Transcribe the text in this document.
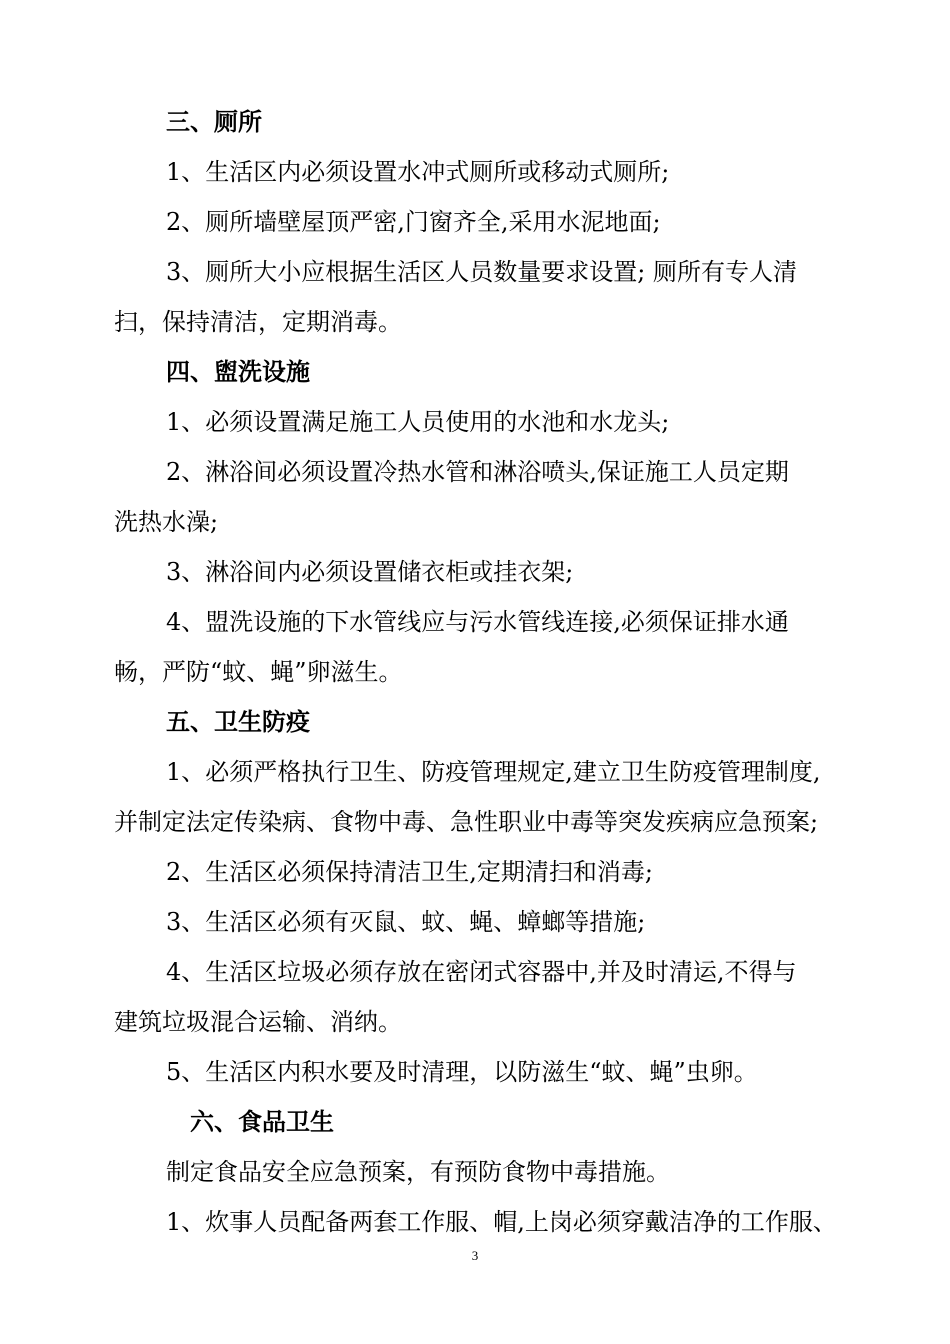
三、厕所

1、生活区内必须设置水冲式厕所或移动式厕所;

2、厕所墙壁屋顶严密,门窗齐全,采用水泥地面;

3、厕所大小应根据生活区人员数量要求设置; 厕所有专人清

扫，保持清洁，定期消毒。

四、盥洗设施

1、必须设置满足施工人员使用的水池和水龙头;

2、淋浴间必须设置冷热水管和淋浴喷头,保证施工人员定期

洗热水澡;

3、淋浴间内必须设置储衣柜或挂衣架;

4、盟洗设施的下水管线应与污水管线连接,必须保证排水通

畅，严防“蚊、蝇”卵滋生。

五、卫生防疫

1、必须严格执行卫生、防疫管理规定,建立卫生防疫管理制度,

并制定法定传染病、食物中毒、急性职业中毒等突发疾病应急预案;

2、生活区必须保持清洁卫生,定期清扫和消毒;

3、生活区必须有灭鼠、蚊、蝇、蟑螂等措施;

4、生活区垃圾必须存放在密闭式容器中,并及时清运,不得与

建筑垃圾混合运输、消纳。

5、生活区内积水要及时清理，以防滋生“蚊、蝇”虫卵。

六、食品卫生

制定食品安全应急预案，有预防食物中毒措施。

1、炊事人员配备两套工作服、帽,上岗必须穿戴洁净的工作服、

3
